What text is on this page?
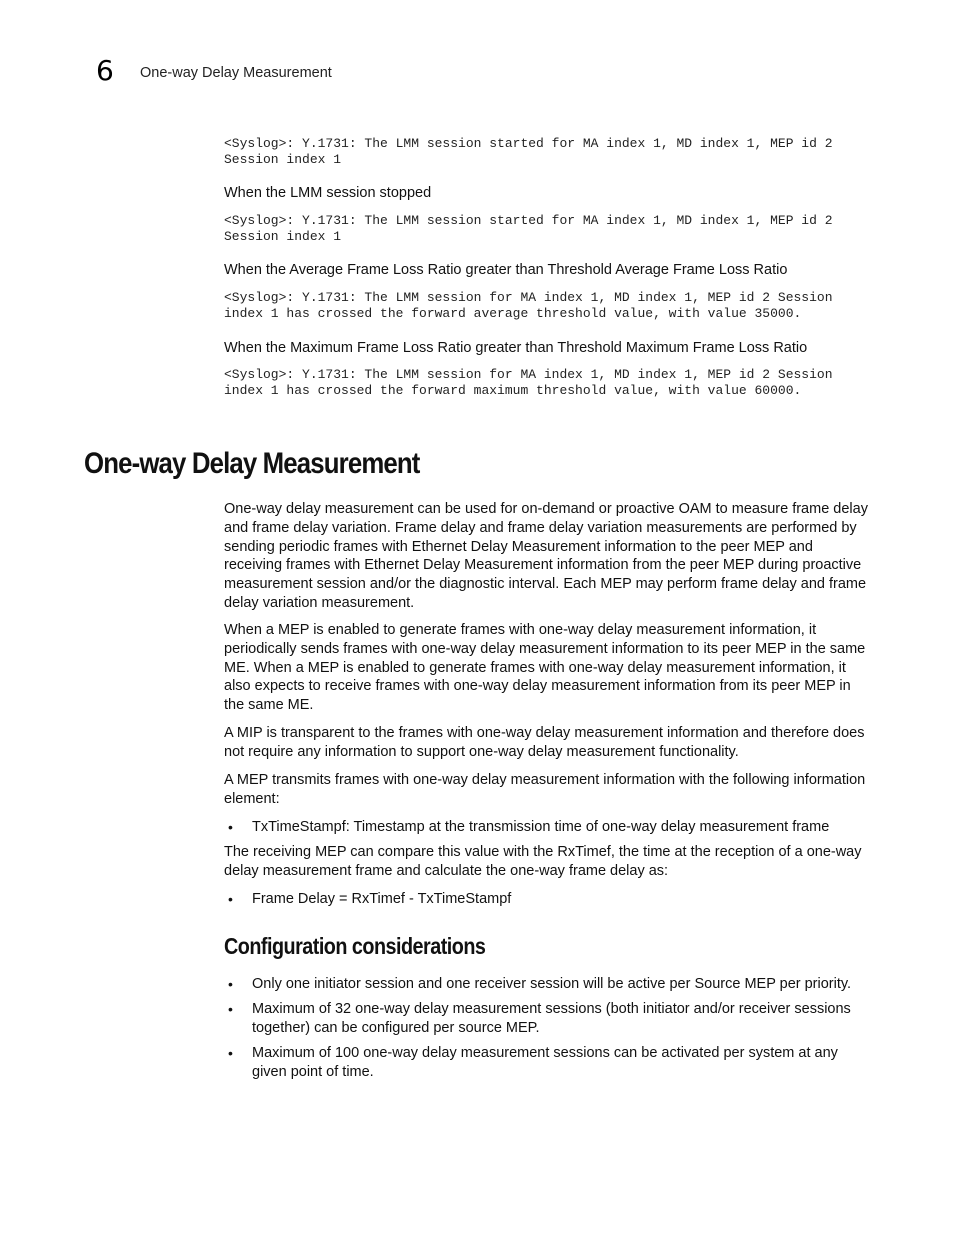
6 One-way Delay Measurement
<Syslog>: Y.1731: The LMM session started for MA index 1, MD index 1, MEP id 2
Session index 1

When the LMM session stopped

<Syslog>: Y.1731: The LMM session started for MA index 1, MD index 1, MEP id 2
Session index 1

When the Average Frame Loss Ratio greater than Threshold Average Frame Loss Ratio

<Syslog>: Y.1731: The LMM session for MA index 1, MD index 1, MEP id 2 Session
index 1 has crossed the forward average threshold value, with value 35000.

When the Maximum Frame Loss Ratio greater than Threshold Maximum Frame Loss Ratio

<Syslog>: Y.1731: The LMM session for MA index 1, MD index 1, MEP id 2 Session
index 1 has crossed the forward maximum threshold value, with value 60000.
One-way Delay Measurement

One-way delay measurement can be used for on-demand or proactive OAM to measure frame delay and frame delay variation. Frame delay and frame delay variation measurements are performed by sending periodic frames with Ethernet Delay Measurement information to the peer MEP and receiving frames with Ethernet Delay Measurement information from the peer MEP during proactive measurement session and/or the diagnostic interval. Each MEP may perform frame delay and frame delay variation measurement.

When a MEP is enabled to generate frames with one-way delay measurement information, it periodically sends frames with one-way delay measurement information to its peer MEP in the same ME. When a MEP is enabled to generate frames with one-way delay measurement information, it also expects to receive frames with one-way delay measurement information from its peer MEP in the same ME.

A MIP is transparent to the frames with one-way delay measurement information and therefore does not require any information to support one-way delay measurement functionality.

A MEP transmits frames with one-way delay measurement information with the following information element:

• TxTimeStampf: Timestamp at the transmission time of one-way delay measurement frame

The receiving MEP can compare this value with the RxTimef, the time at the reception of a one-way delay measurement frame and calculate the one-way frame delay as:

• Frame Delay = RxTimef - TxTimeStampf
Configuration considerations
• Only one initiator session and one receiver session will be active per Source MEP per priority.
• Maximum of 32 one-way delay measurement sessions (both initiator and/or receiver sessions together) can be configured per source MEP.
• Maximum of 100 one-way delay measurement sessions can be activated per system at any given point of time.
